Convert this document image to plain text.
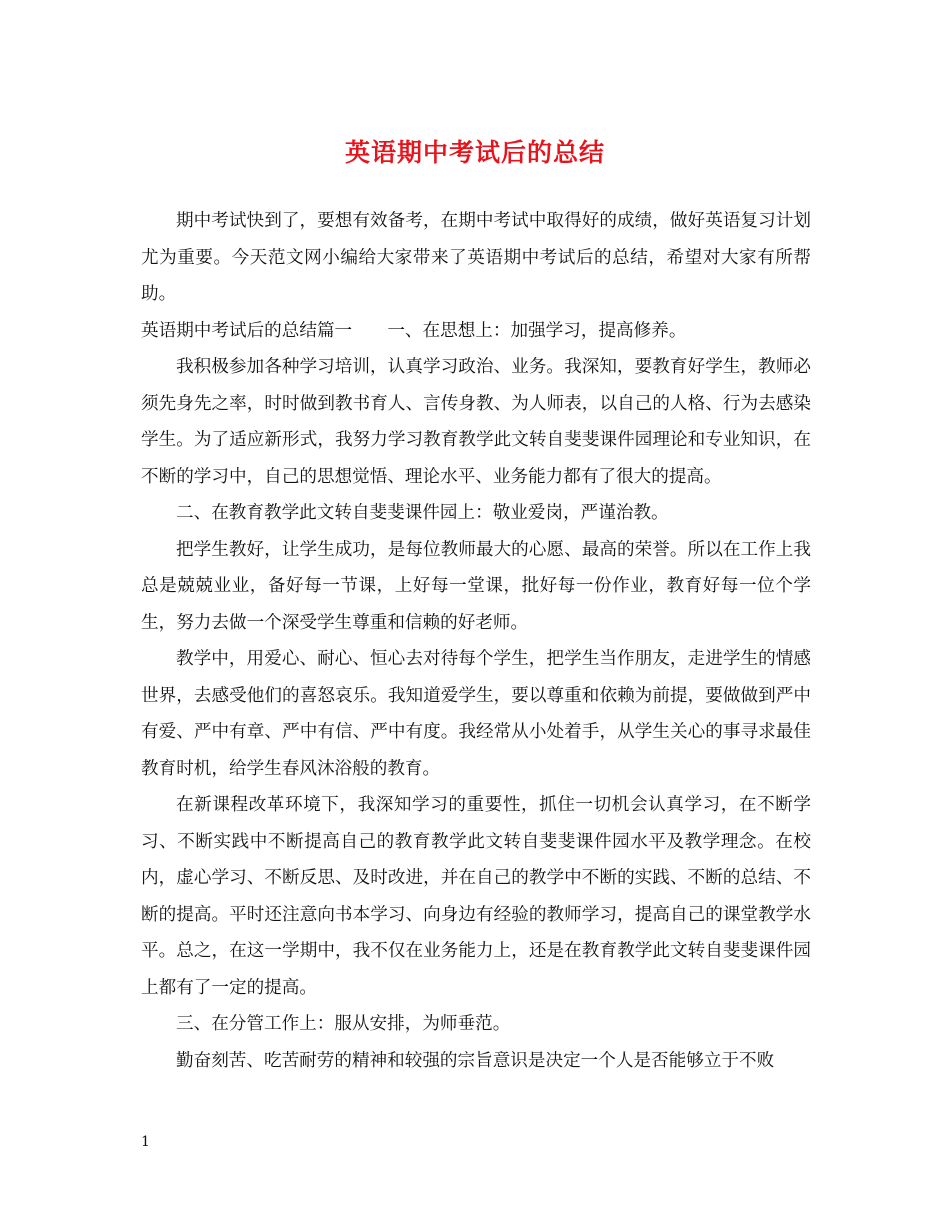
英语期中考试后的总结

期中考试快到了，要想有效备考，在期中考试中取得好的成绩，做好英语复习计划尤为重要。今天范文网小编给大家带来了英语期中考试后的总结，希望对大家有所帮助。

英语期中考试后的总结篇一　　一、在思想上：加强学习，提高修养。

我积极参加各种学习培训，认真学习政治、业务。我深知，要教育好学生，教师必须先身先之率，时时做到教书育人、言传身教、为人师表，以自己的人格、行为去感染学生。为了适应新形式，我努力学习教育教学此文转自斐斐课件园理论和专业知识，在不断的学习中，自己的思想觉悟、理论水平、业务能力都有了很大的提高。

二、在教育教学此文转自斐斐课件园上：敬业爱岗，严谨治教。

把学生教好，让学生成功，是每位教师最大的心愿、最高的荣誉。所以在工作上我总是兢兢业业，备好每一节课，上好每一堂课，批好每一份作业，教育好每一位个学生，努力去做一个深受学生尊重和信赖的好老师。

教学中，用爱心、耐心、恒心去对待每个学生，把学生当作朋友，走进学生的情感世界，去感受他们的喜怒哀乐。我知道爱学生，要以尊重和依赖为前提，要做做到严中有爱、严中有章、严中有信、严中有度。我经常从小处着手，从学生关心的事寻求最佳教育时机，给学生春风沐浴般的教育。

在新课程改革环境下，我深知学习的重要性，抓住一切机会认真学习，在不断学习、不断实践中不断提高自己的教育教学此文转自斐斐课件园水平及教学理念。在校内，虚心学习、不断反思、及时改进，并在自己的教学中不断的实践、不断的总结、不断的提高。平时还注意向书本学习、向身边有经验的教师学习，提高自己的课堂教学水平。总之，在这一学期中，我不仅在业务能力上，还是在教育教学此文转自斐斐课件园上都有了一定的提高。

三、在分管工作上：服从安排，为师垂范。

勤奋刻苦、吃苦耐劳的精神和较强的宗旨意识是决定一个人是否能够立于不败

1
